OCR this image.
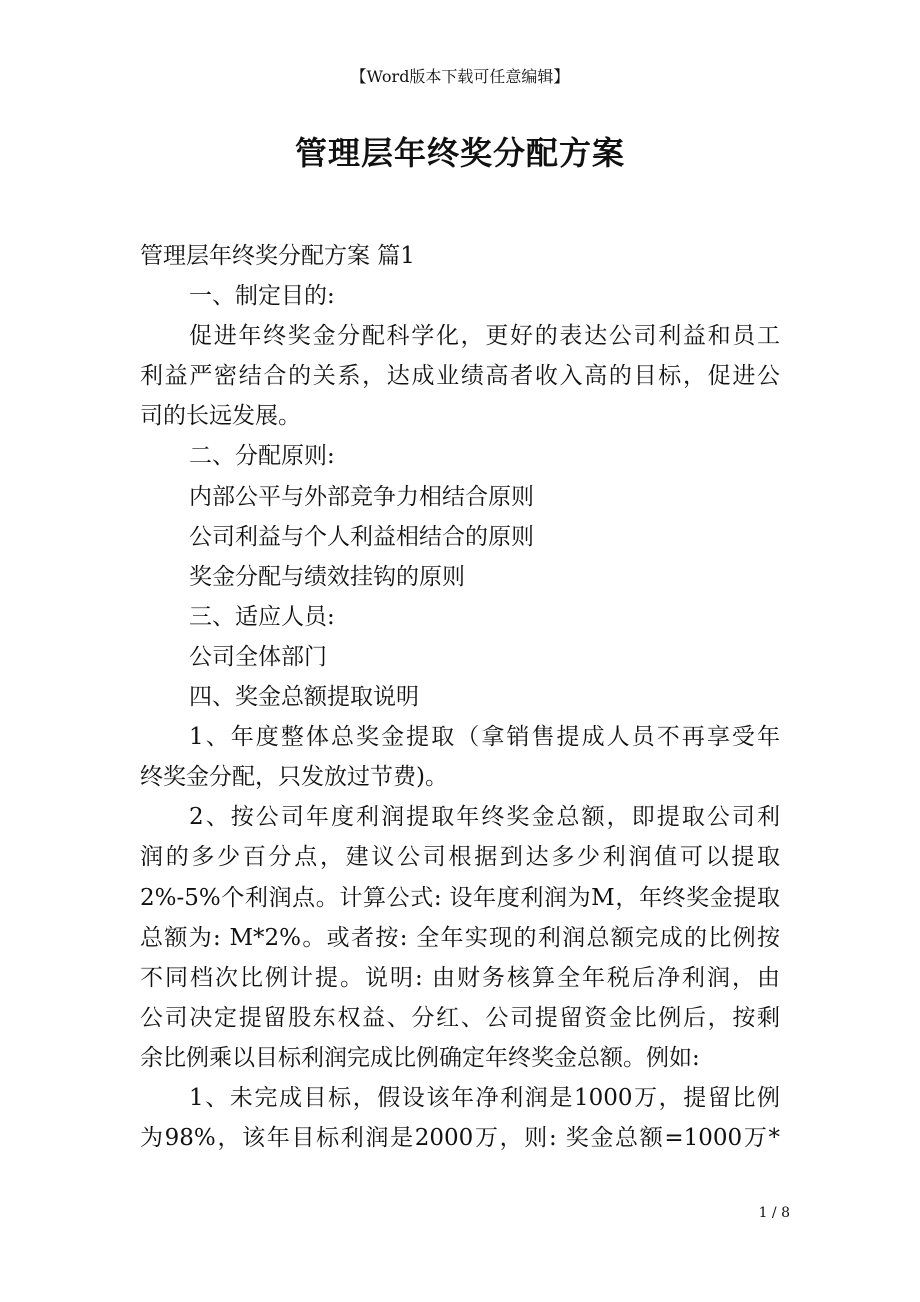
【Word版本下载可任意编辑】
管理层年终奖分配方案
管理层年终奖分配方案 篇1
一、制定目的:
促进年终奖金分配科学化，更好的表达公司利益和员工
利益严密结合的关系，达成业绩高者收入高的目标，促进公
司的长远发展。
二、分配原则:
内部公平与外部竞争力相结合原则
公司利益与个人利益相结合的原则
奖金分配与绩效挂钩的原则
三、适应人员:
公司全体部门
四、奖金总额提取说明
1、年度整体总奖金提取（拿销售提成人员不再享受年
终奖金分配，只发放过节费)。
2、按公司年度利润提取年终奖金总额，即提取公司利
润的多少百分点，建议公司根据到达多少利润值可以提取
2%-5%个利润点。计算公式: 设年度利润为M，年终奖金提取
总额为: M*2%。或者按: 全年实现的利润总额完成的比例按
不同档次比例计提。说明: 由财务核算全年税后净利润，由
公司决定提留股东权益、分红、公司提留资金比例后，按剩
余比例乘以目标利润完成比例确定年终奖金总额。例如:
1、未完成目标，假设该年净利润是1000万，提留比例
为98%，该年目标利润是2000万，则: 奖金总额=1000万*
1 / 8
